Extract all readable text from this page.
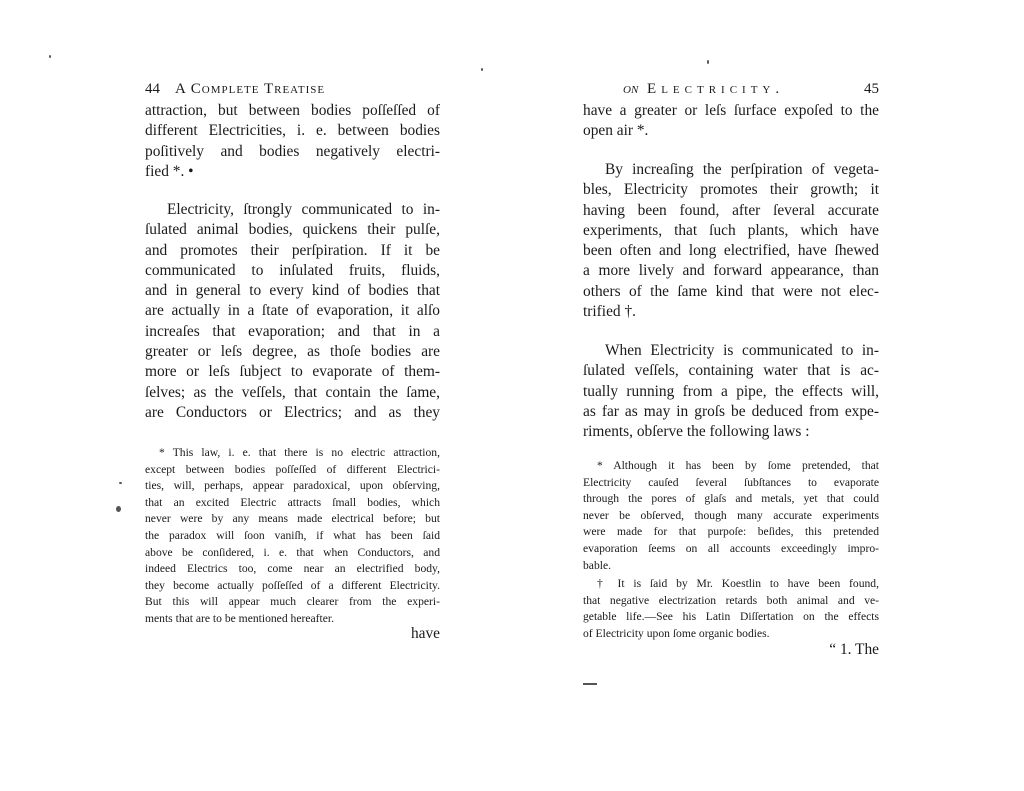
44 A Complete Treatise
attraction, but between bodies poſſeſſed of
different Electricities, i. e. between bodies
poſitively and bodies negatively electri-
fied *. •
Electricity, ſtrongly communicated to in-
ſulated animal bodies, quickens their pulſe,
and promotes their perſpiration. If it be
communicated to inſulated fruits, fluids,
and in general to every kind of bodies that
are actually in a ſtate of evaporation, it alſo
increaſes that evaporation; and that in a
greater or leſs degree, as thoſe bodies are
more or leſs ſubject to evaporate of them-
ſelves; as the veſſels, that contain the ſame,
are Conductors or Electrics; and as they
* This law, i. e. that there is no electric attraction,
except between bodies poſſeſſed of different Electrici-
ties, will, perhaps, appear paradoxical, upon obſerving,
that an excited Electric attracts ſmall bodies, which
never were by any means made electrical before; but
the paradox will ſoon vaniſh, if what has been ſaid
above be conſidered, i. e. that when Conductors, and
indeed Electrics too, come near an electrified body,
they become actually poſſeſſed of a different Electricity.
But this will appear much clearer from the experi-
ments that are to be mentioned hereafter.
have
on Electricity.	45
have a greater or leſs ſurface expoſed to the
open air *.
By increaſing the perſpiration of vegeta-
bles, Electricity promotes their growth; it
having been found, after ſeveral accurate
experiments, that ſuch plants, which have
been often and long electrified, have ſhewed
a more lively and forward appearance, than
others of the ſame kind that were not elec-
trified †.
When Electricity is communicated to in-
ſulated veſſels, containing water that is ac-
tually running from a pipe, the effects will,
as far as may in groſs be deduced from expe-
riments, obſerve the following laws :
* Although it has been by ſome pretended, that
Electricity cauſed ſeveral ſubſtances to evaporate
through the pores of glaſs and metals, yet that could
never be obſerved, though many accurate experiments
were made for that purpoſe: beſides, this pretended
evaporation ſeems on all accounts exceedingly impro-
bable.
† It is ſaid by Mr. Koestlin to have been found,
that negative electrization retards both animal and ve-
getable life.—See his Latin Diſſertation on the effects
of Electricity upon ſome organic bodies.
“ 1. The
